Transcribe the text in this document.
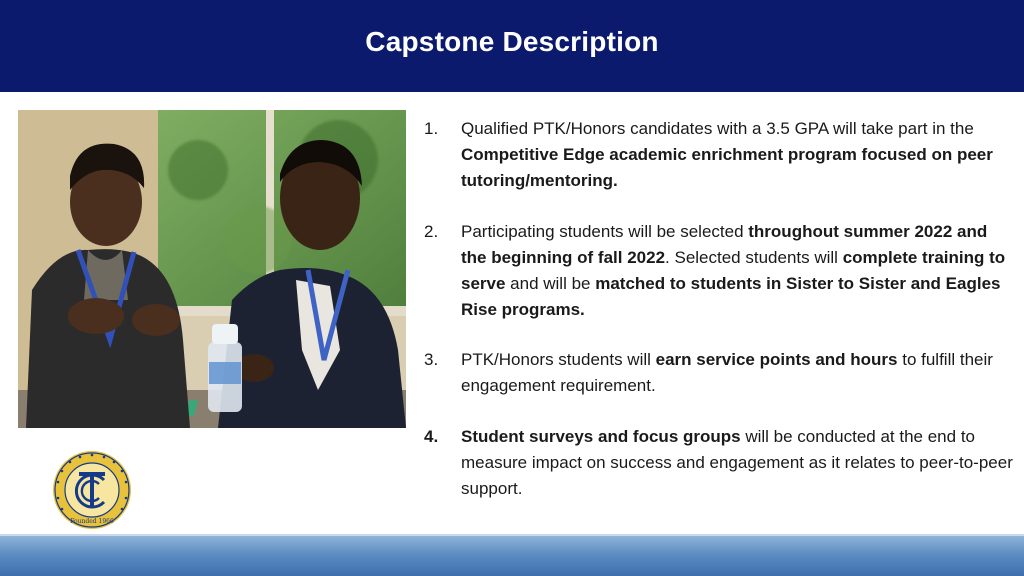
Capstone Description
Founded 1966
1.	Qualified PTK/Honors candidates with a 3.5 GPA will take part in the Competitive Edge academic enrichment program focused on peer tutoring/mentoring.
2.	Participating students will be selected throughout summer 2022 and the beginning of fall 2022. Selected students will complete training to serve and will be matched to students in Sister to Sister and Eagles Rise programs.
3.	PTK/Honors students will earn service points and hours to fulfill their engagement requirement.
4.	Student surveys and focus groups will be conducted at the end to measure impact on success and engagement as it relates to peer-to-peer support.
